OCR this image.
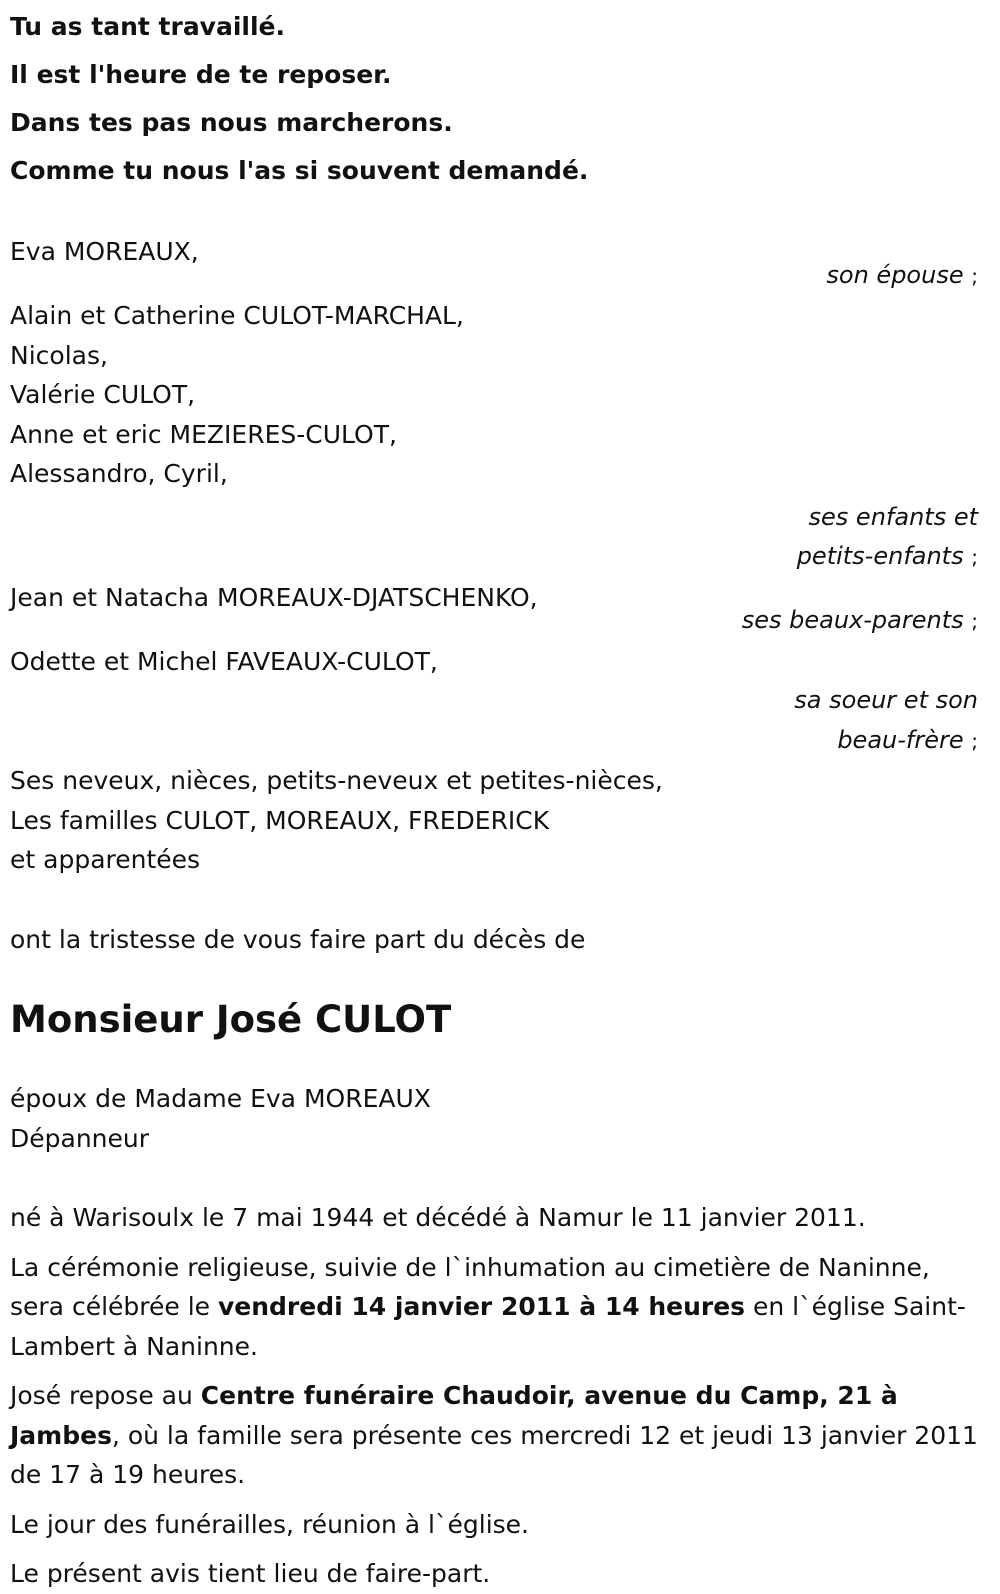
Tu as tant travaillé.

Il est l'heure de te reposer.

Dans tes pas nous marcherons.

Comme tu nous l'as si souvent demandé.

Eva MOREAUX,

son épouse ;

Alain et Catherine CULOT-MARCHAL,

Nicolas,

Valérie CULOT,

Anne et eric MEZIERES-CULOT,

Alessandro, Cyril,

ses enfants et

petits-enfants ;

Jean et Natacha MOREAUX-DJATSCHENKO,

ses beaux-parents ;

Odette et Michel FAVEAUX-CULOT,

sa soeur et son

beau-frère ;

Ses neveux, nièces, petits-neveux et petites-nièces,

Les familles CULOT, MOREAUX, FREDERICK

et apparentées

ont la tristesse de vous faire part du décès de

Monsieur José CULOT

époux de Madame Eva MOREAUX

Dépanneur

né à Warisoulx le 7 mai 1944 et décédé à Namur le 11 janvier 2011.

La cérémonie religieuse, suivie de l`inhumation au cimetière de Naninne, sera célébrée le vendredi 14 janvier 2011 à 14 heures en l`église Saint-Lambert à Naninne.

José repose au Centre funéraire Chaudoir, avenue du Camp, 21 à Jambes, où la famille sera présente ces mercredi 12 et jeudi 13 janvier 2011 de 17 à 19 heures.

Le jour des funérailles, réunion à l`église.

Le présent avis tient lieu de faire-part.
